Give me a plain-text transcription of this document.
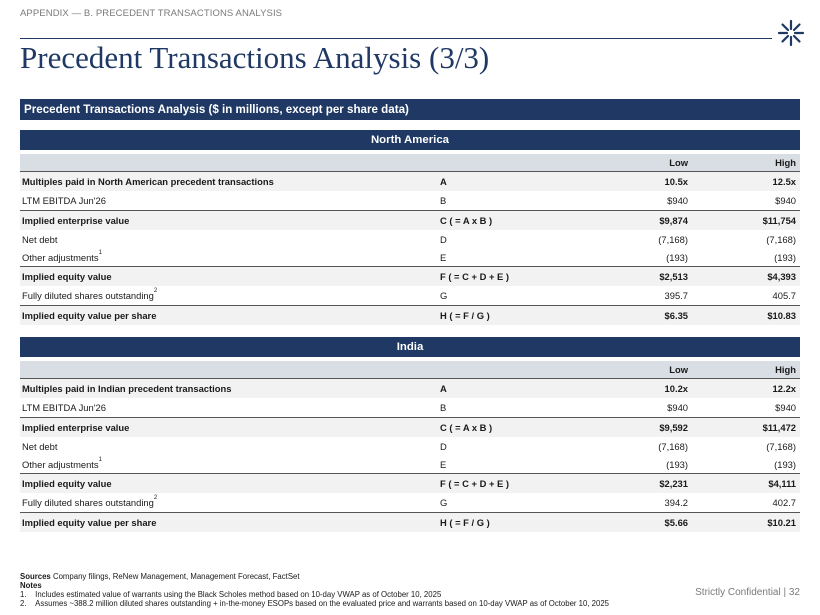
APPENDIX — B. PRECEDENT TRANSACTIONS ANALYSIS
Precedent Transactions Analysis (3/3)
Precedent Transactions Analysis ($ in millions, except per share data)
North America
Low	High
Multiples paid in North American precedent transactions	A	10.5x	12.5x
LTM EBITDA Jun'26	B	$940	$940
Implied enterprise value	C ( = A x B )	$9,874	$11,754
Net debt	D	(7,168)	(7,168)
Other adjustments$^1$	E	(193)	(193)
Implied equity value	F ( = C + D + E )	$2,513	$4,393
Fully diluted shares outstanding$^2$	G	395.7	405.7
Implied equity value per share	H ( = F / G )	$6.35	$10.83
India
Low	High
Multiples paid in Indian precedent transactions	A	10.2x	12.2x
LTM EBITDA Jun'26	B	$940	$940
Implied enterprise value	C ( = A x B )	$9,592	$11,472
Net debt	D	(7,168)	(7,168)
Other adjustments$^1$	E	(193)	(193)
Implied equity value	F ( = C + D + E )	$2,231	$4,111
Fully diluted shares outstanding$^2$	G	394.2	402.7
Implied equity value per share	H ( = F / G )	$5.66	$10.21
Sources Company filings, ReNew Management, Management Forecast, FactSet
Notes
1.    Includes estimated value of warrants using the Black Scholes method based on 10-day VWAP as of October 10, 2025
2.    Assumes ~388.2 million diluted shares outstanding + in-the-money ESOPs based on the evaluated price and warrants based on 10-day VWAP as of October 10, 2025
Strictly Confidential | 32
